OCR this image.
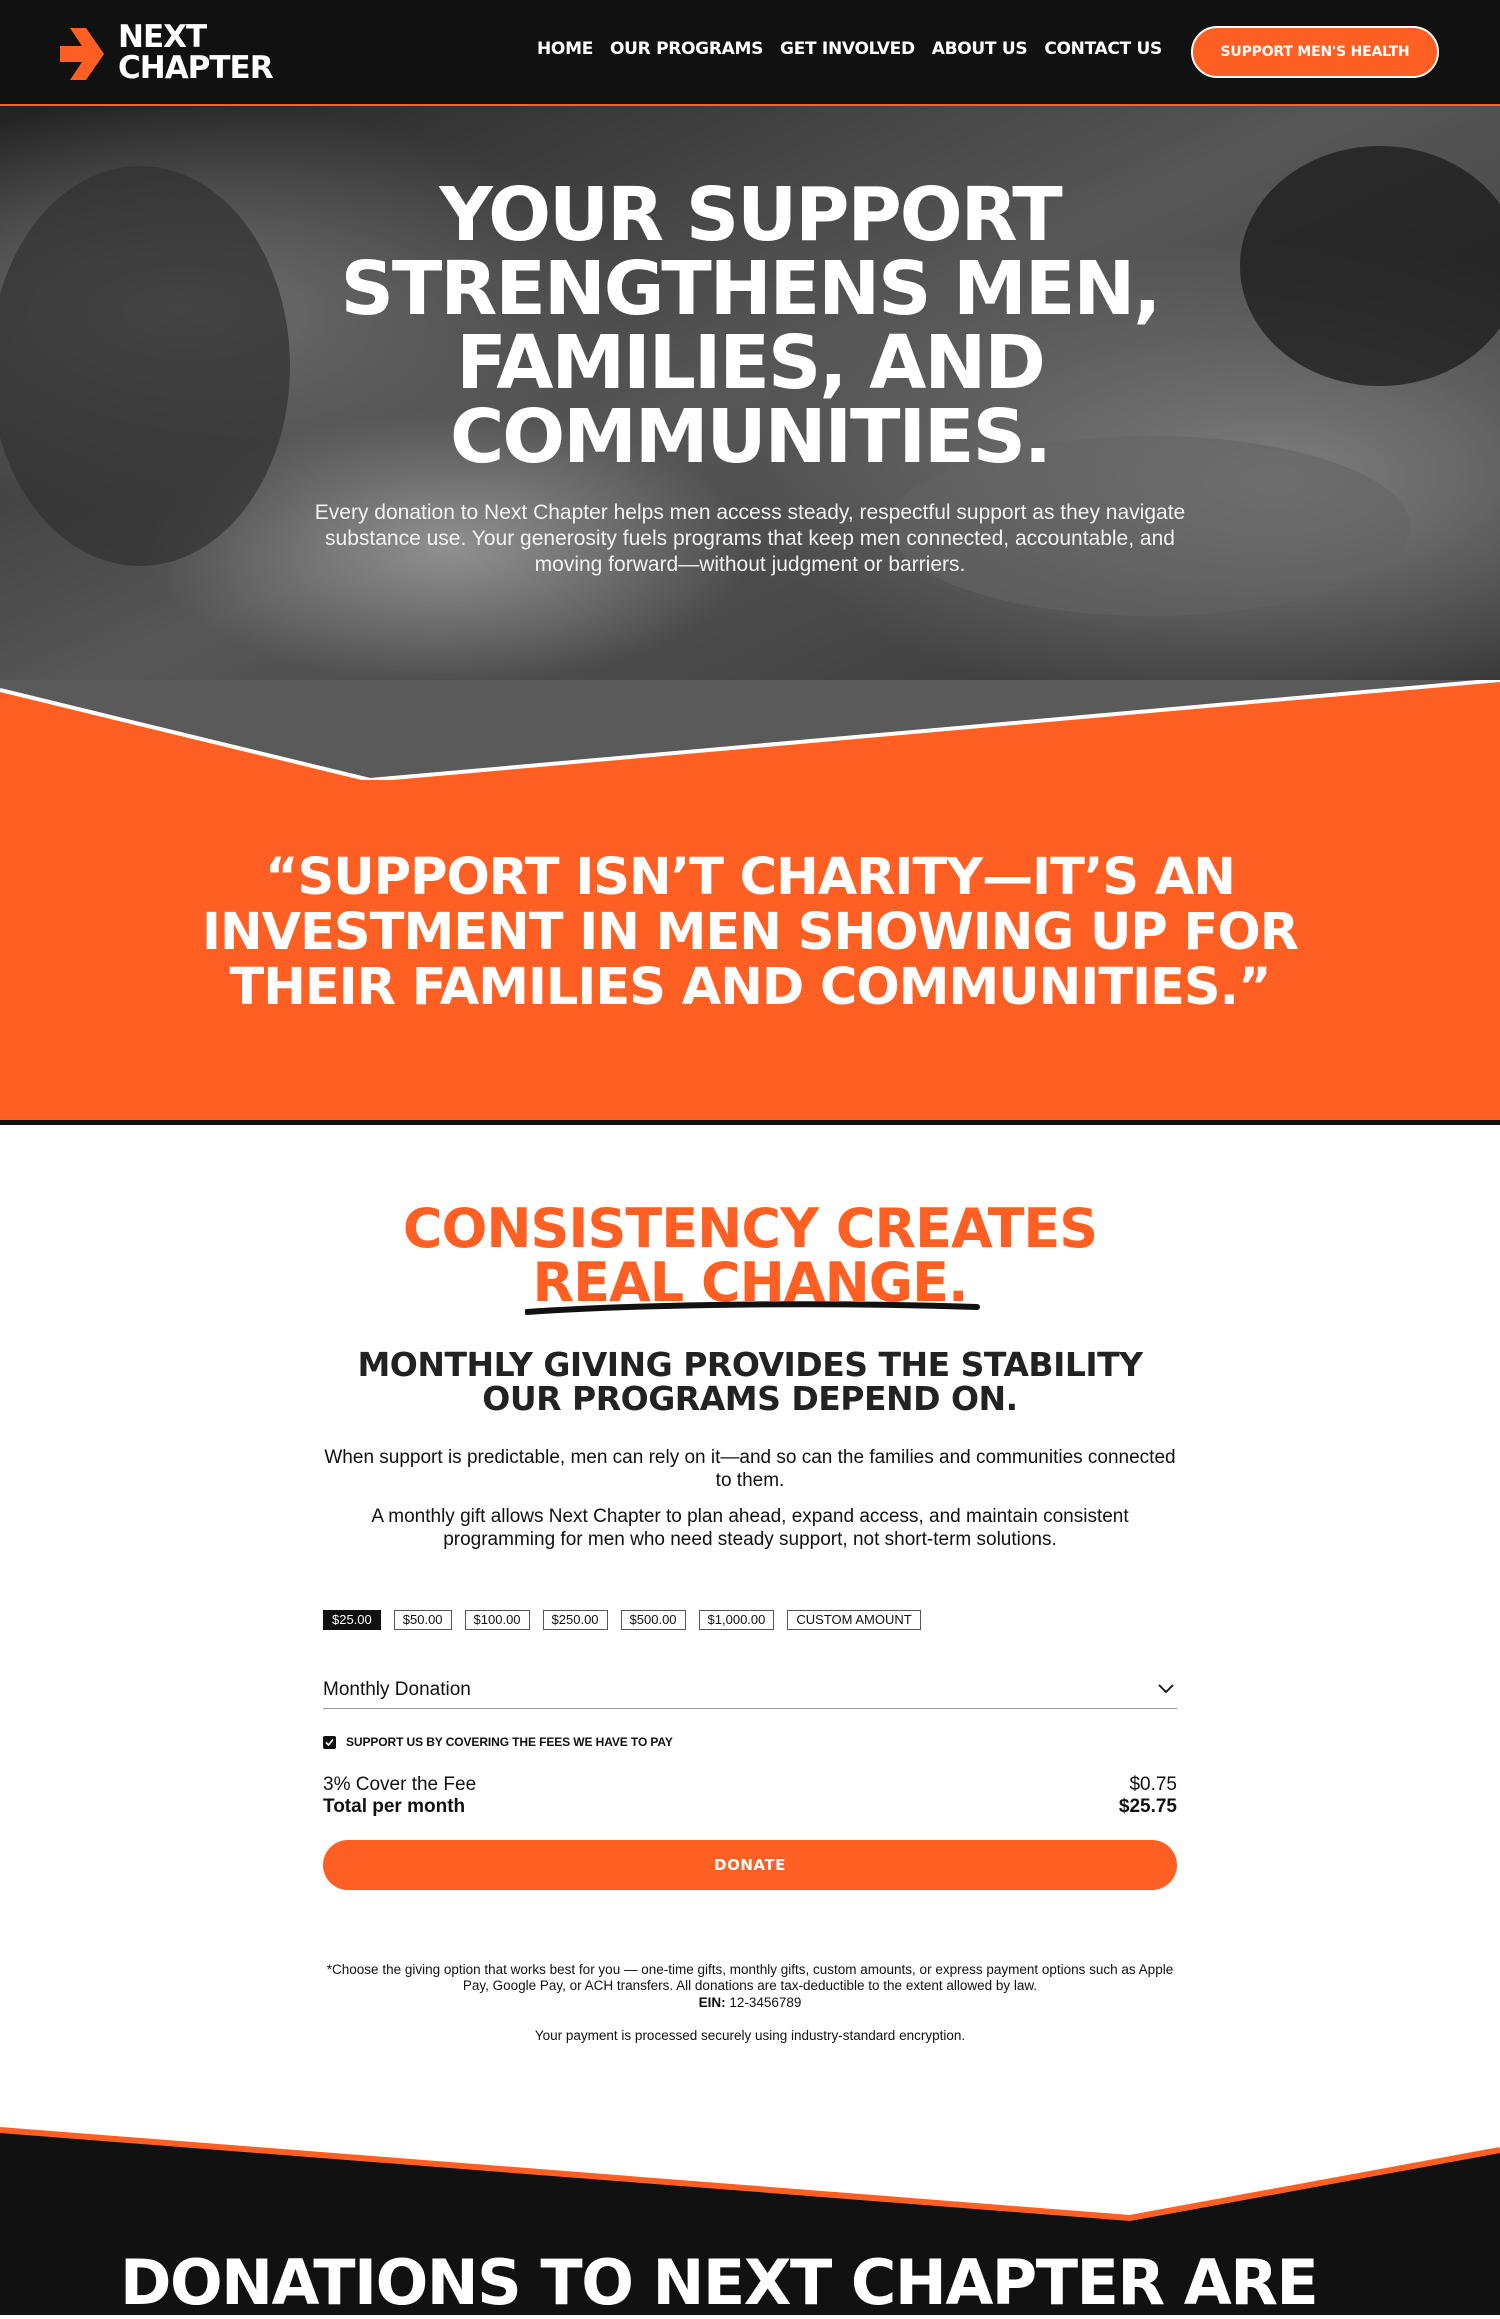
NEXT
CHAPTER
HOME OUR PROGRAMS GET INVOLVED ABOUT US CONTACT US	SUPPORT MEN'S HEALTH
YOUR SUPPORT
STRENGTHENS MEN,
FAMILIES, AND
COMMUNITIES.
Every donation to Next Chapter helps men access steady, respectful support as they navigate substance use. Your generosity fuels programs that keep men connected, accountable, and moving forward—without judgment or barriers.
“SUPPORT ISN’T CHARITY—IT’S AN
INVESTMENT IN MEN SHOWING UP FOR
THEIR FAMILIES AND COMMUNITIES.”
CONSISTENCY CREATES
REAL CHANGE.
MONTHLY GIVING PROVIDES THE STABILITY
OUR PROGRAMS DEPEND ON.
When support is predictable, men can rely on it—and so can the families and communities connected to them.
A monthly gift allows Next Chapter to plan ahead, expand access, and maintain consistent programming for men who need steady support, not short-term solutions.
$25.00	$50.00	$100.00	$250.00	$500.00	$1,000.00	CUSTOM AMOUNT
Monthly Donation
SUPPORT US BY COVERING THE FEES WE HAVE TO PAY
3% Cover the Fee	$0.75
Total per month	$25.75
DONATE
*Choose the giving option that works best for you — one-time gifts, monthly gifts, custom amounts, or express payment options such as Apple Pay, Google Pay, or ACH transfers. All donations are tax-deductible to the extent allowed by law.
EIN: 12-3456789
Your payment is processed securely using industry-standard encryption.
DONATIONS TO NEXT CHAPTER ARE
